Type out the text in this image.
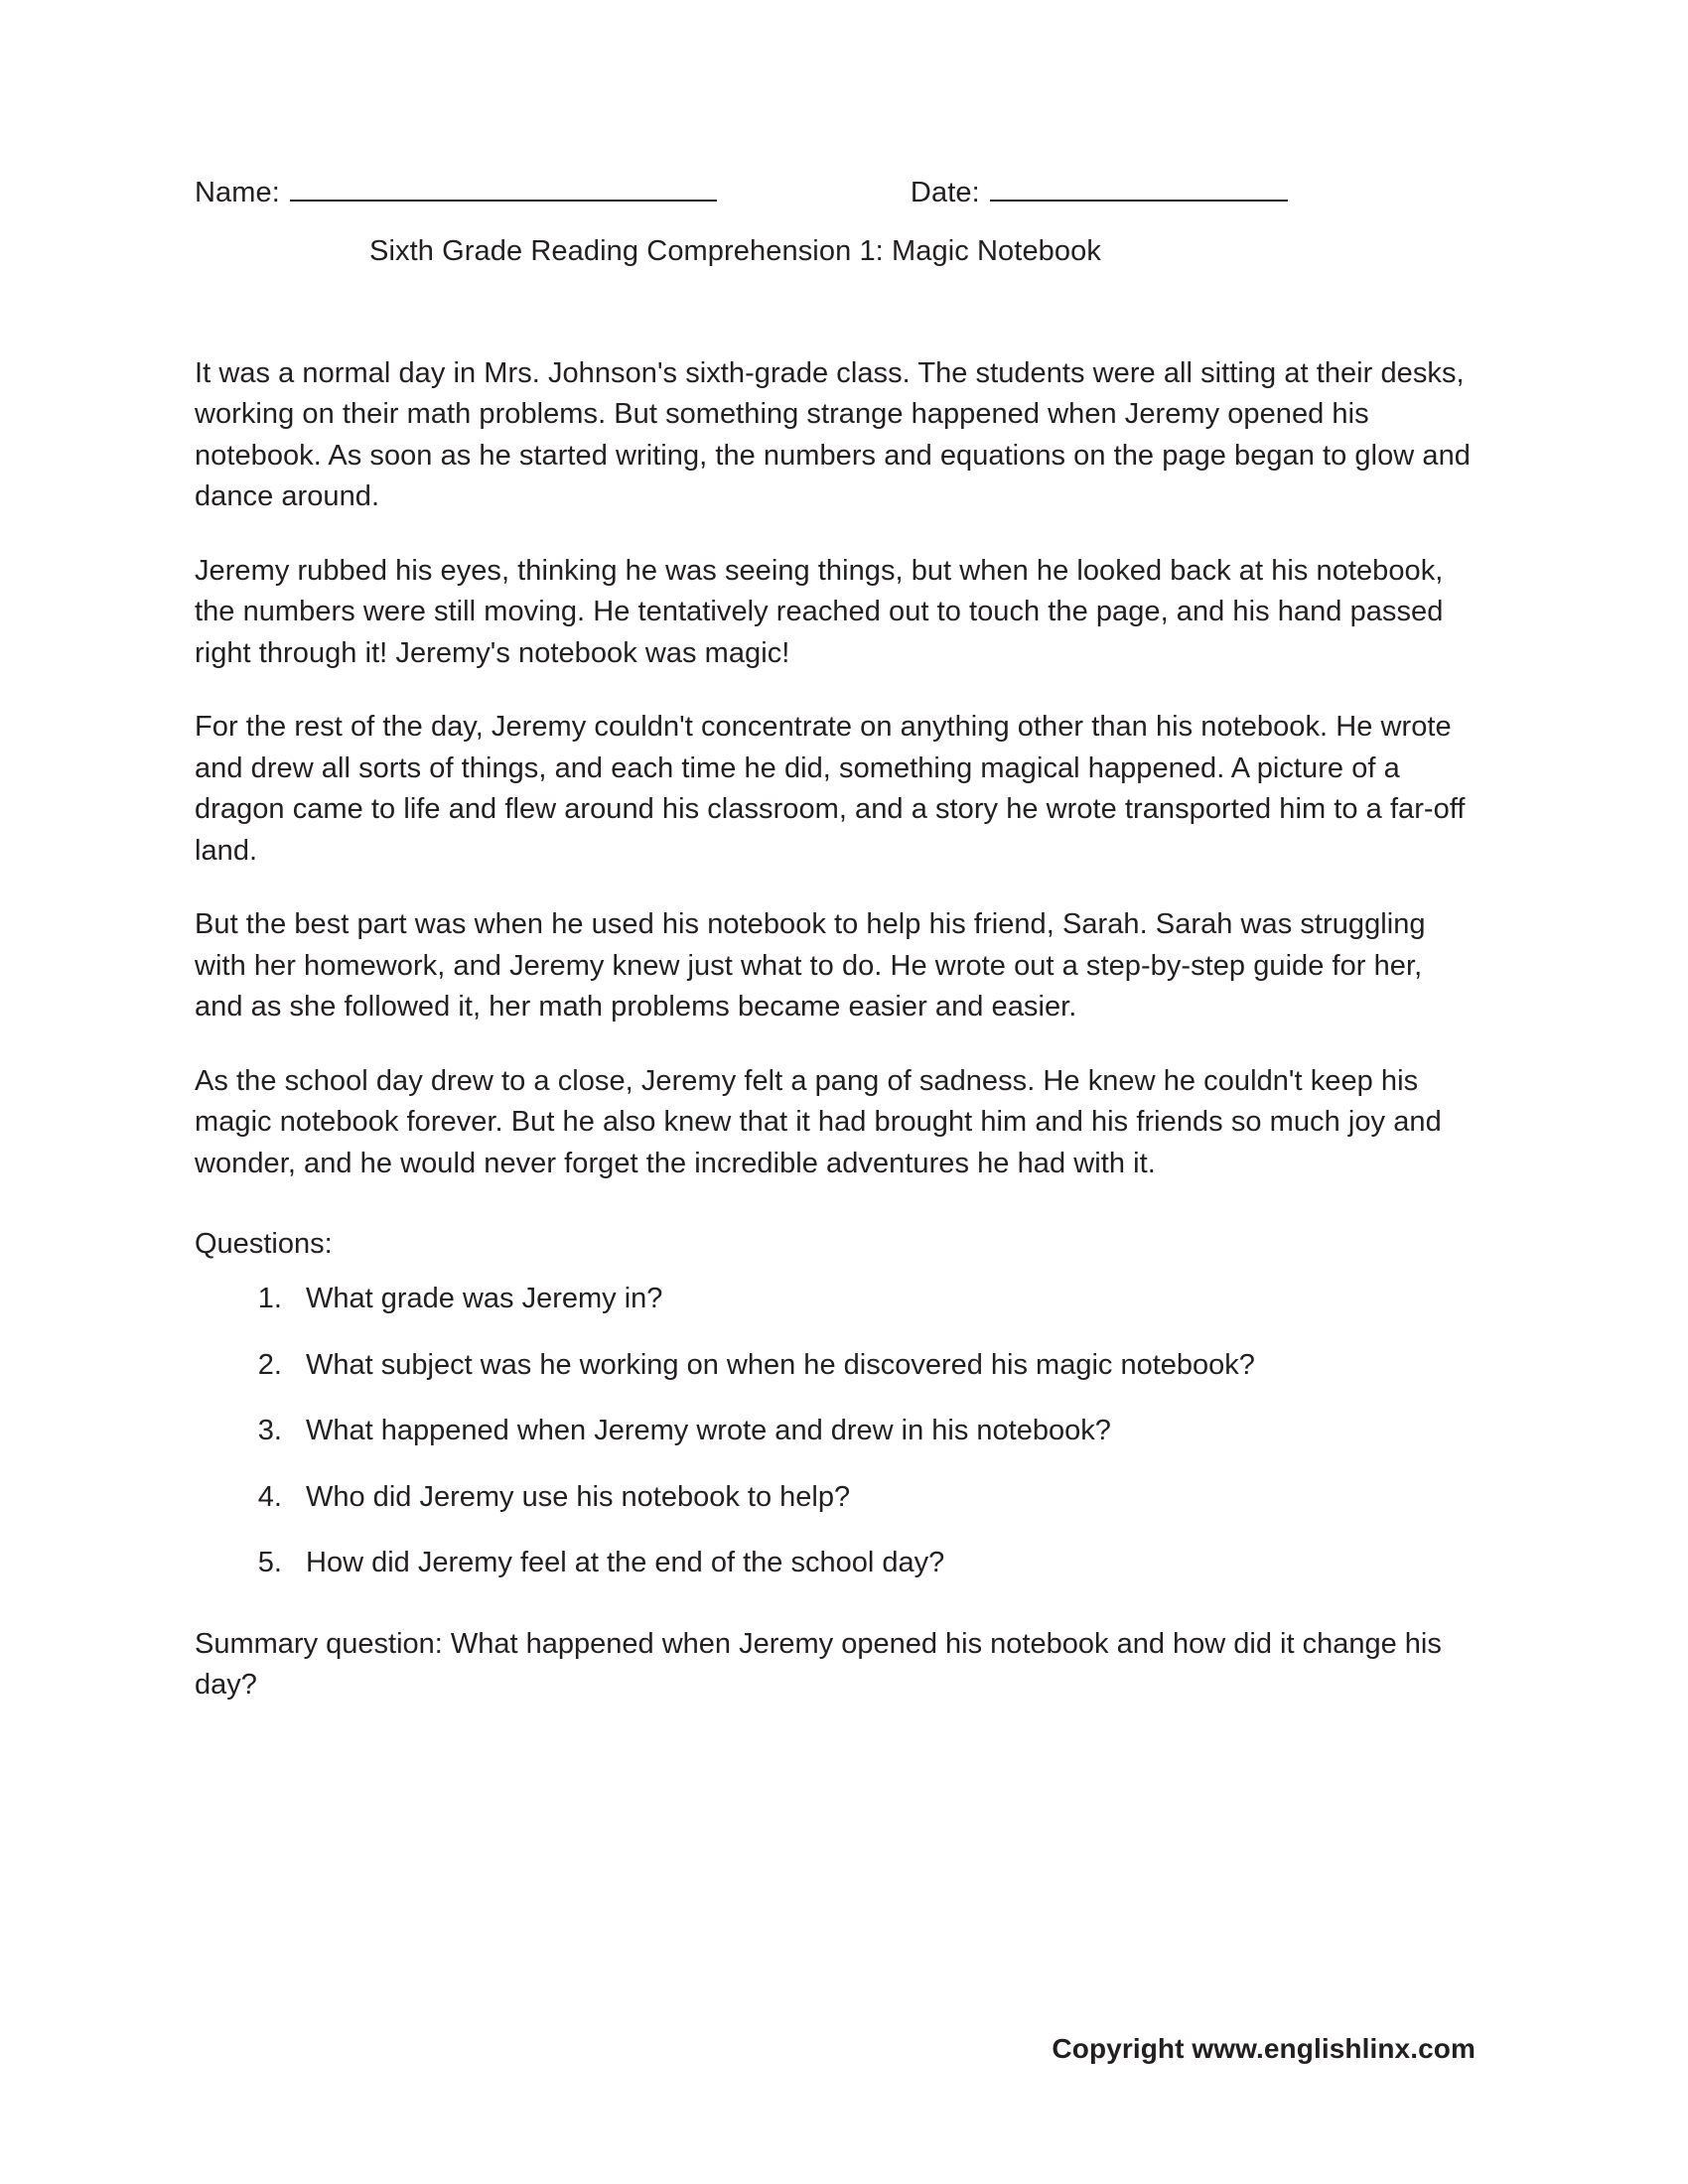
Name:	Date:
Sixth Grade Reading Comprehension 1: Magic Notebook

It was a normal day in Mrs. Johnson's sixth-grade class. The students were all sitting at their desks, working on their math problems. But something strange happened when Jeremy opened his notebook. As soon as he started writing, the numbers and equations on the page began to glow and dance around.

Jeremy rubbed his eyes, thinking he was seeing things, but when he looked back at his notebook, the numbers were still moving. He tentatively reached out to touch the page, and his hand passed right through it! Jeremy's notebook was magic!

For the rest of the day, Jeremy couldn't concentrate on anything other than his notebook. He wrote and drew all sorts of things, and each time he did, something magical happened. A picture of a dragon came to life and flew around his classroom, and a story he wrote transported him to a far-off land.

But the best part was when he used his notebook to help his friend, Sarah. Sarah was struggling with her homework, and Jeremy knew just what to do. He wrote out a step-by-step guide for her, and as she followed it, her math problems became easier and easier.

As the school day drew to a close, Jeremy felt a pang of sadness. He knew he couldn't keep his magic notebook forever. But he also knew that it had brought him and his friends so much joy and wonder, and he would never forget the incredible adventures he had with it.

Questions:
1. What grade was Jeremy in?
2. What subject was he working on when he discovered his magic notebook?
3. What happened when Jeremy wrote and drew in his notebook?
4. Who did Jeremy use his notebook to help?
5. How did Jeremy feel at the end of the school day?
Summary question: What happened when Jeremy opened his notebook and how did it change his day?
Copyright www.englishlinx.com
